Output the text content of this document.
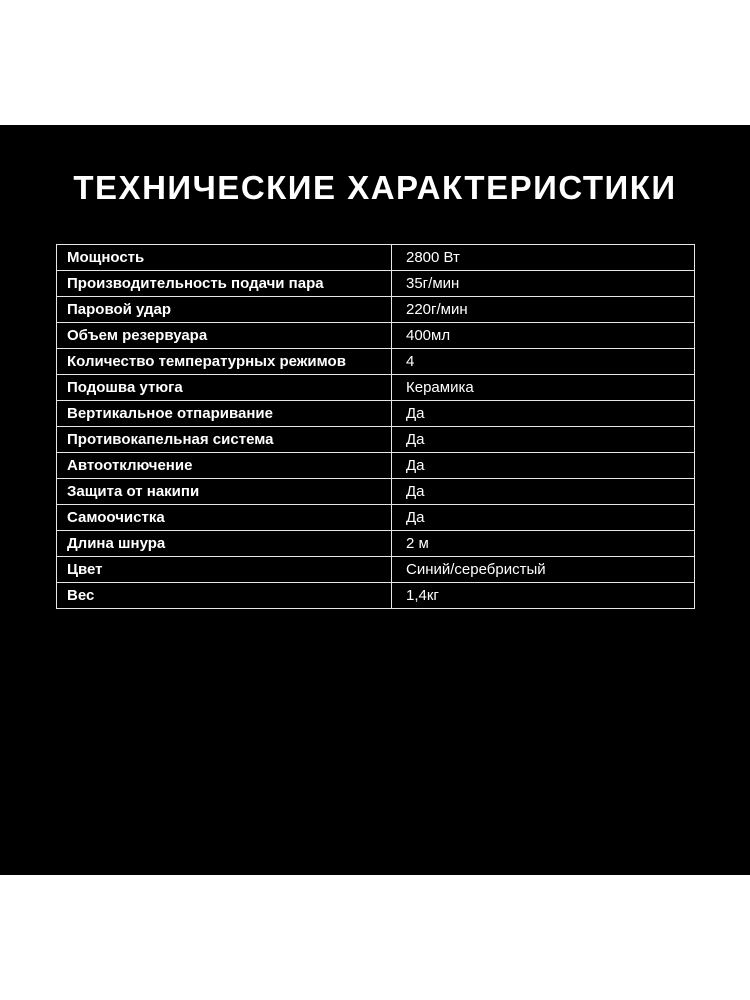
ТЕХНИЧЕСКИЕ ХАРАКТЕРИСТИКИ
Мощность	2800 Вт
Производительность подачи пара	35г/мин
Паровой удар	220г/мин
Объем резервуара	400мл
Количество температурных режимов	4
Подошва утюга	Керамика
Вертикальное отпаривание	Да
Противокапельная система	Да
Автоотключение	Да
Защита от накипи	Да
Самоочистка	Да
Длина шнура	2 м
Цвет	Синий/серебристый
Вес	1,4кг
